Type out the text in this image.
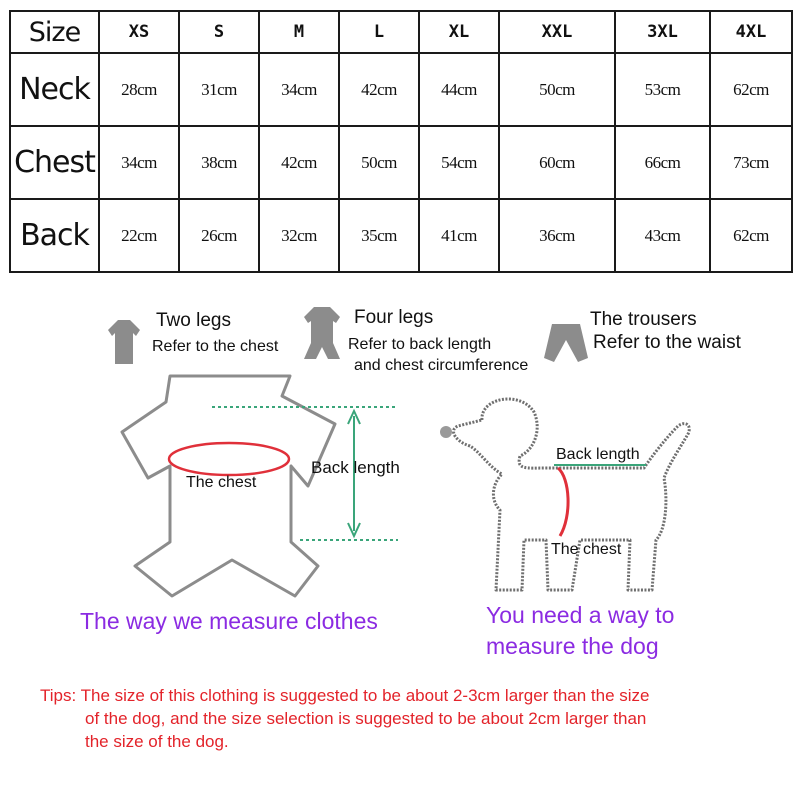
Size	XS	S	M	L	XL	XXL	3XL	4XL
Neck	28cm	31cm	34cm	42cm	44cm	50cm	53cm	62cm
Chest	34cm	38cm	42cm	50cm	54cm	60cm	66cm	73cm
Back	22cm	26cm	32cm	35cm	41cm	36cm	43cm	62cm
Two legs
Refer to the chest
Four legs
Refer to back length
and chest circumference
The trousers
Refer to the waist
The chest
Back length
The way we measure clothes
Back length
The chest
You need a way to
measure the dog
Tips: The size of this clothing is suggested to be about 2-3cm larger than the size
of the dog, and the size selection is suggested to be about 2cm larger than
the size of the dog.
